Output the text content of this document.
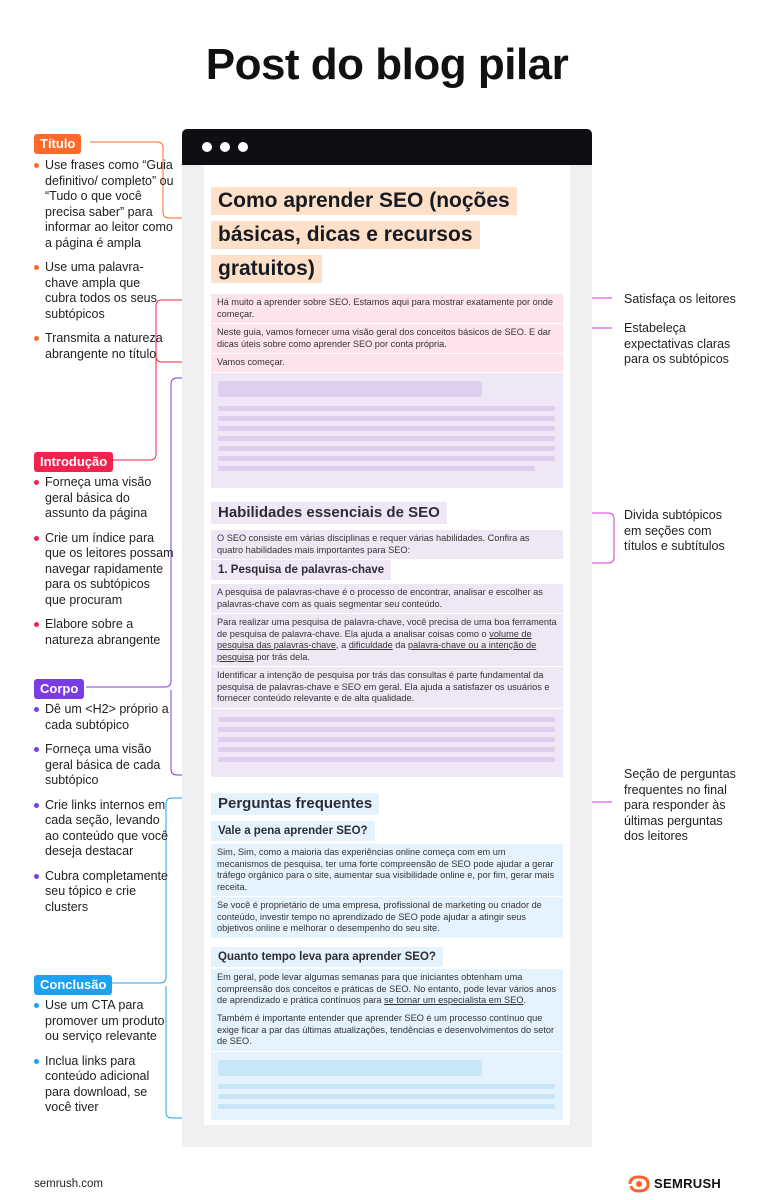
Post do blog pilar
Título
Use frases como “Guia definitivo/ completo” ou “Tudo o que você precisa saber” para informar ao leitor como a página é ampla
Use uma palavra-chave ampla que cubra todos os seus subtópicos
Transmita a natureza abrangente no título
Introdução
Forneça uma visão geral básica do assunto da página
Crie um índice para que os leitores possam navegar rapidamente para os subtópicos que procuram
Elabore sobre a natureza abrangente
Corpo
Dê um <H2> próprio a cada subtópico
Forneça uma visão geral básica de cada subtópico
Crie links internos em cada seção, levando ao conteúdo que você deseja destacar
Cubra completamente seu tópico e crie clusters
Conclusão
Use um CTA para promover um produto ou serviço relevante
Inclua links para conteúdo adicional para download, se você tiver
Como aprender SEO (noções
básicas, dicas e recursos
gratuitos)
Há muito a aprender sobre SEO. Estamos aqui para mostrar exatamente por onde começar.
Neste guia, vamos fornecer uma visão geral dos conceitos básicos de SEO. E dar dicas úteis sobre como aprender SEO por conta própria.
Vamos começar.
Habilidades essenciais de SEO
O SEO consiste em várias disciplinas e requer várias habilidades. Confira as quatro habilidades mais importantes para SEO:
1. Pesquisa de palavras-chave
A pesquisa de palavras-chave é o processo de encontrar, analisar e escolher as palavras-chave com as quais segmentar seu conteúdo.
Para realizar uma pesquisa de palavra-chave, você precisa de uma boa ferramenta de pesquisa de palavra-chave. Ela ajuda a analisar coisas como o volume de pesquisa das palavras-chave, a dificuldade da palavra-chave ou a intenção de pesquisa por trás dela.
Identificar a intenção de pesquisa por trás das consultas é parte fundamental da pesquisa de palavras-chave e SEO em geral. Ela ajuda a satisfazer os usuários e fornecer conteúdo relevante e de alta qualidade.
Perguntas frequentes
Vale a pena aprender SEO?
Sim, Sim, como a maioria das experiências online começa com em um mecanismos de pesquisa, ter uma forte compreensão de SEO pode ajudar a gerar tráfego orgânico para o site, aumentar sua visibilidade online e, por fim, gerar mais receita.
Se você é proprietário de uma empresa, profissional de marketing ou criador de conteúdo, investir tempo no aprendizado de SEO pode ajudar a atingir seus objetivos online e melhorar o desempenho do seu site.
Quanto tempo leva para aprender SEO?
Em geral, pode levar algumas semanas para que iniciantes obtenham uma compreensão dos conceitos e práticas de SEO. No entanto, pode levar vários anos de aprendizado e prática contínuos para se tornar um especialista em SEO.
Também é importante entender que aprender SEO é um processo contínuo que exige ficar a par das últimas atualizações, tendências e desenvolvimentos do setor de SEO.
Satisfaça os leitores
Estabeleça expectativas claras para os subtópicos
Divida subtópicos em seções com títulos e subtítulos
Seção de perguntas frequentes no final para responder às últimas perguntas dos leitores
semrush.com	SEMRUSH
